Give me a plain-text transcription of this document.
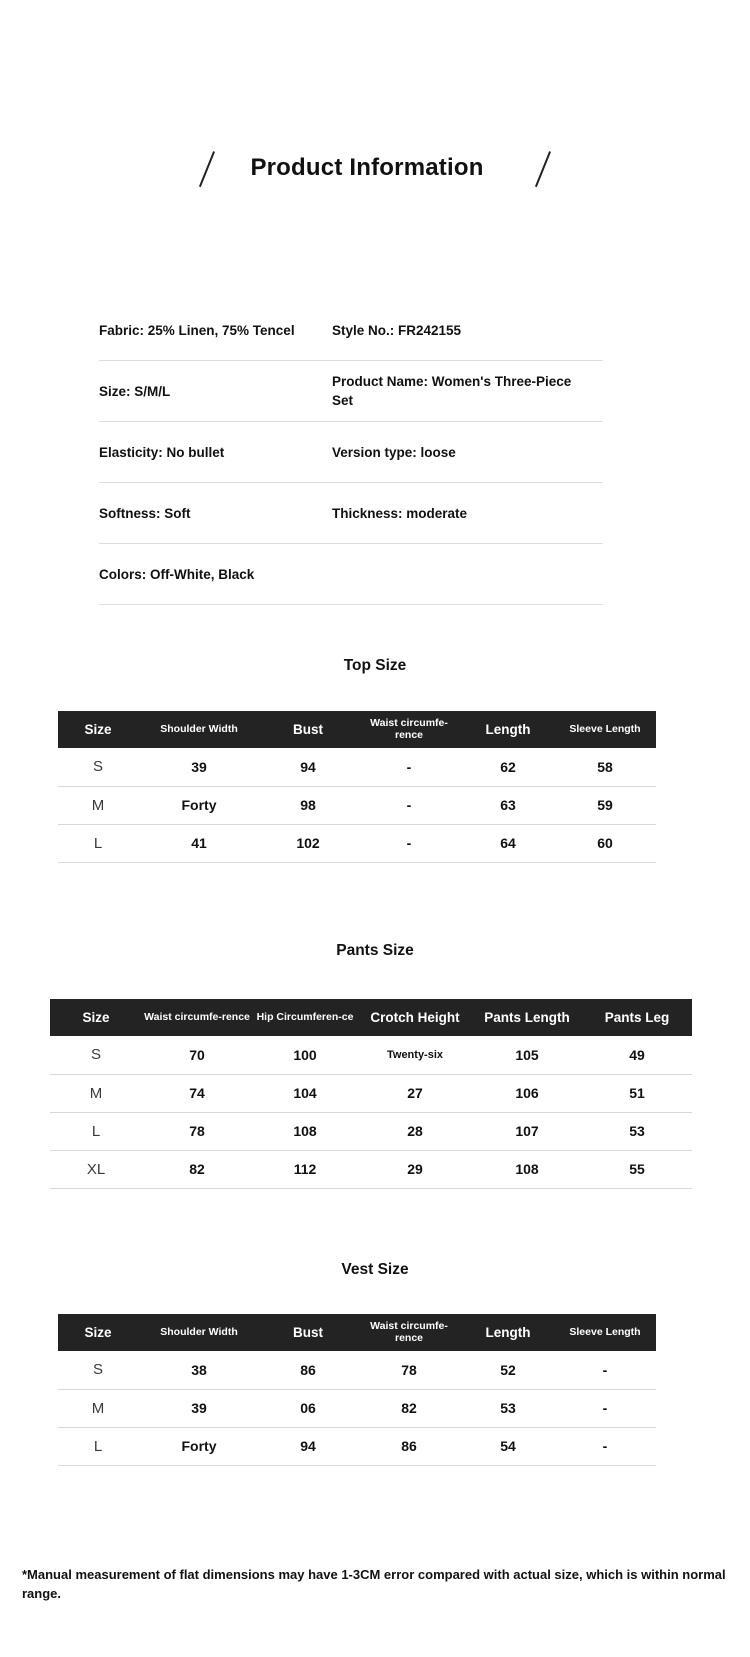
Product Information
Fabric: 25% Linen, 75% Tencel	Style No.: FR242155
Size: S/M/L
Product Name: Women's Three-Piece Set
Elasticity: No bullet	Version type: loose
Softness: Soft	Thickness: moderate
Colors: Off-White, Black
Top Size
Size	Shoulder Width	Bust	Waist circumfe-rence	Length	Sleeve Length
S	39	94	-	62	58
M	Forty	98	-	63	59
L	41	102	-	64	60
Pants Size
Size	Waist circumfe-rence	Hip Circumferen-ce	Crotch Height	Pants Length	Pants Leg
S	70	100	Twenty-six	105	49
M	74	104	27	106	51
L	78	108	28	107	53
XL	82	112	29	108	55
Vest Size
Size	Shoulder Width	Bust	Waist circumfe-rence	Length	Sleeve Length
S	38	86	78	52	-
M	39	06	82	53	-
L	Forty	94	86	54	-
*Manual measurement of flat dimensions may have 1-3CM error compared with actual size, which is within normal range.
